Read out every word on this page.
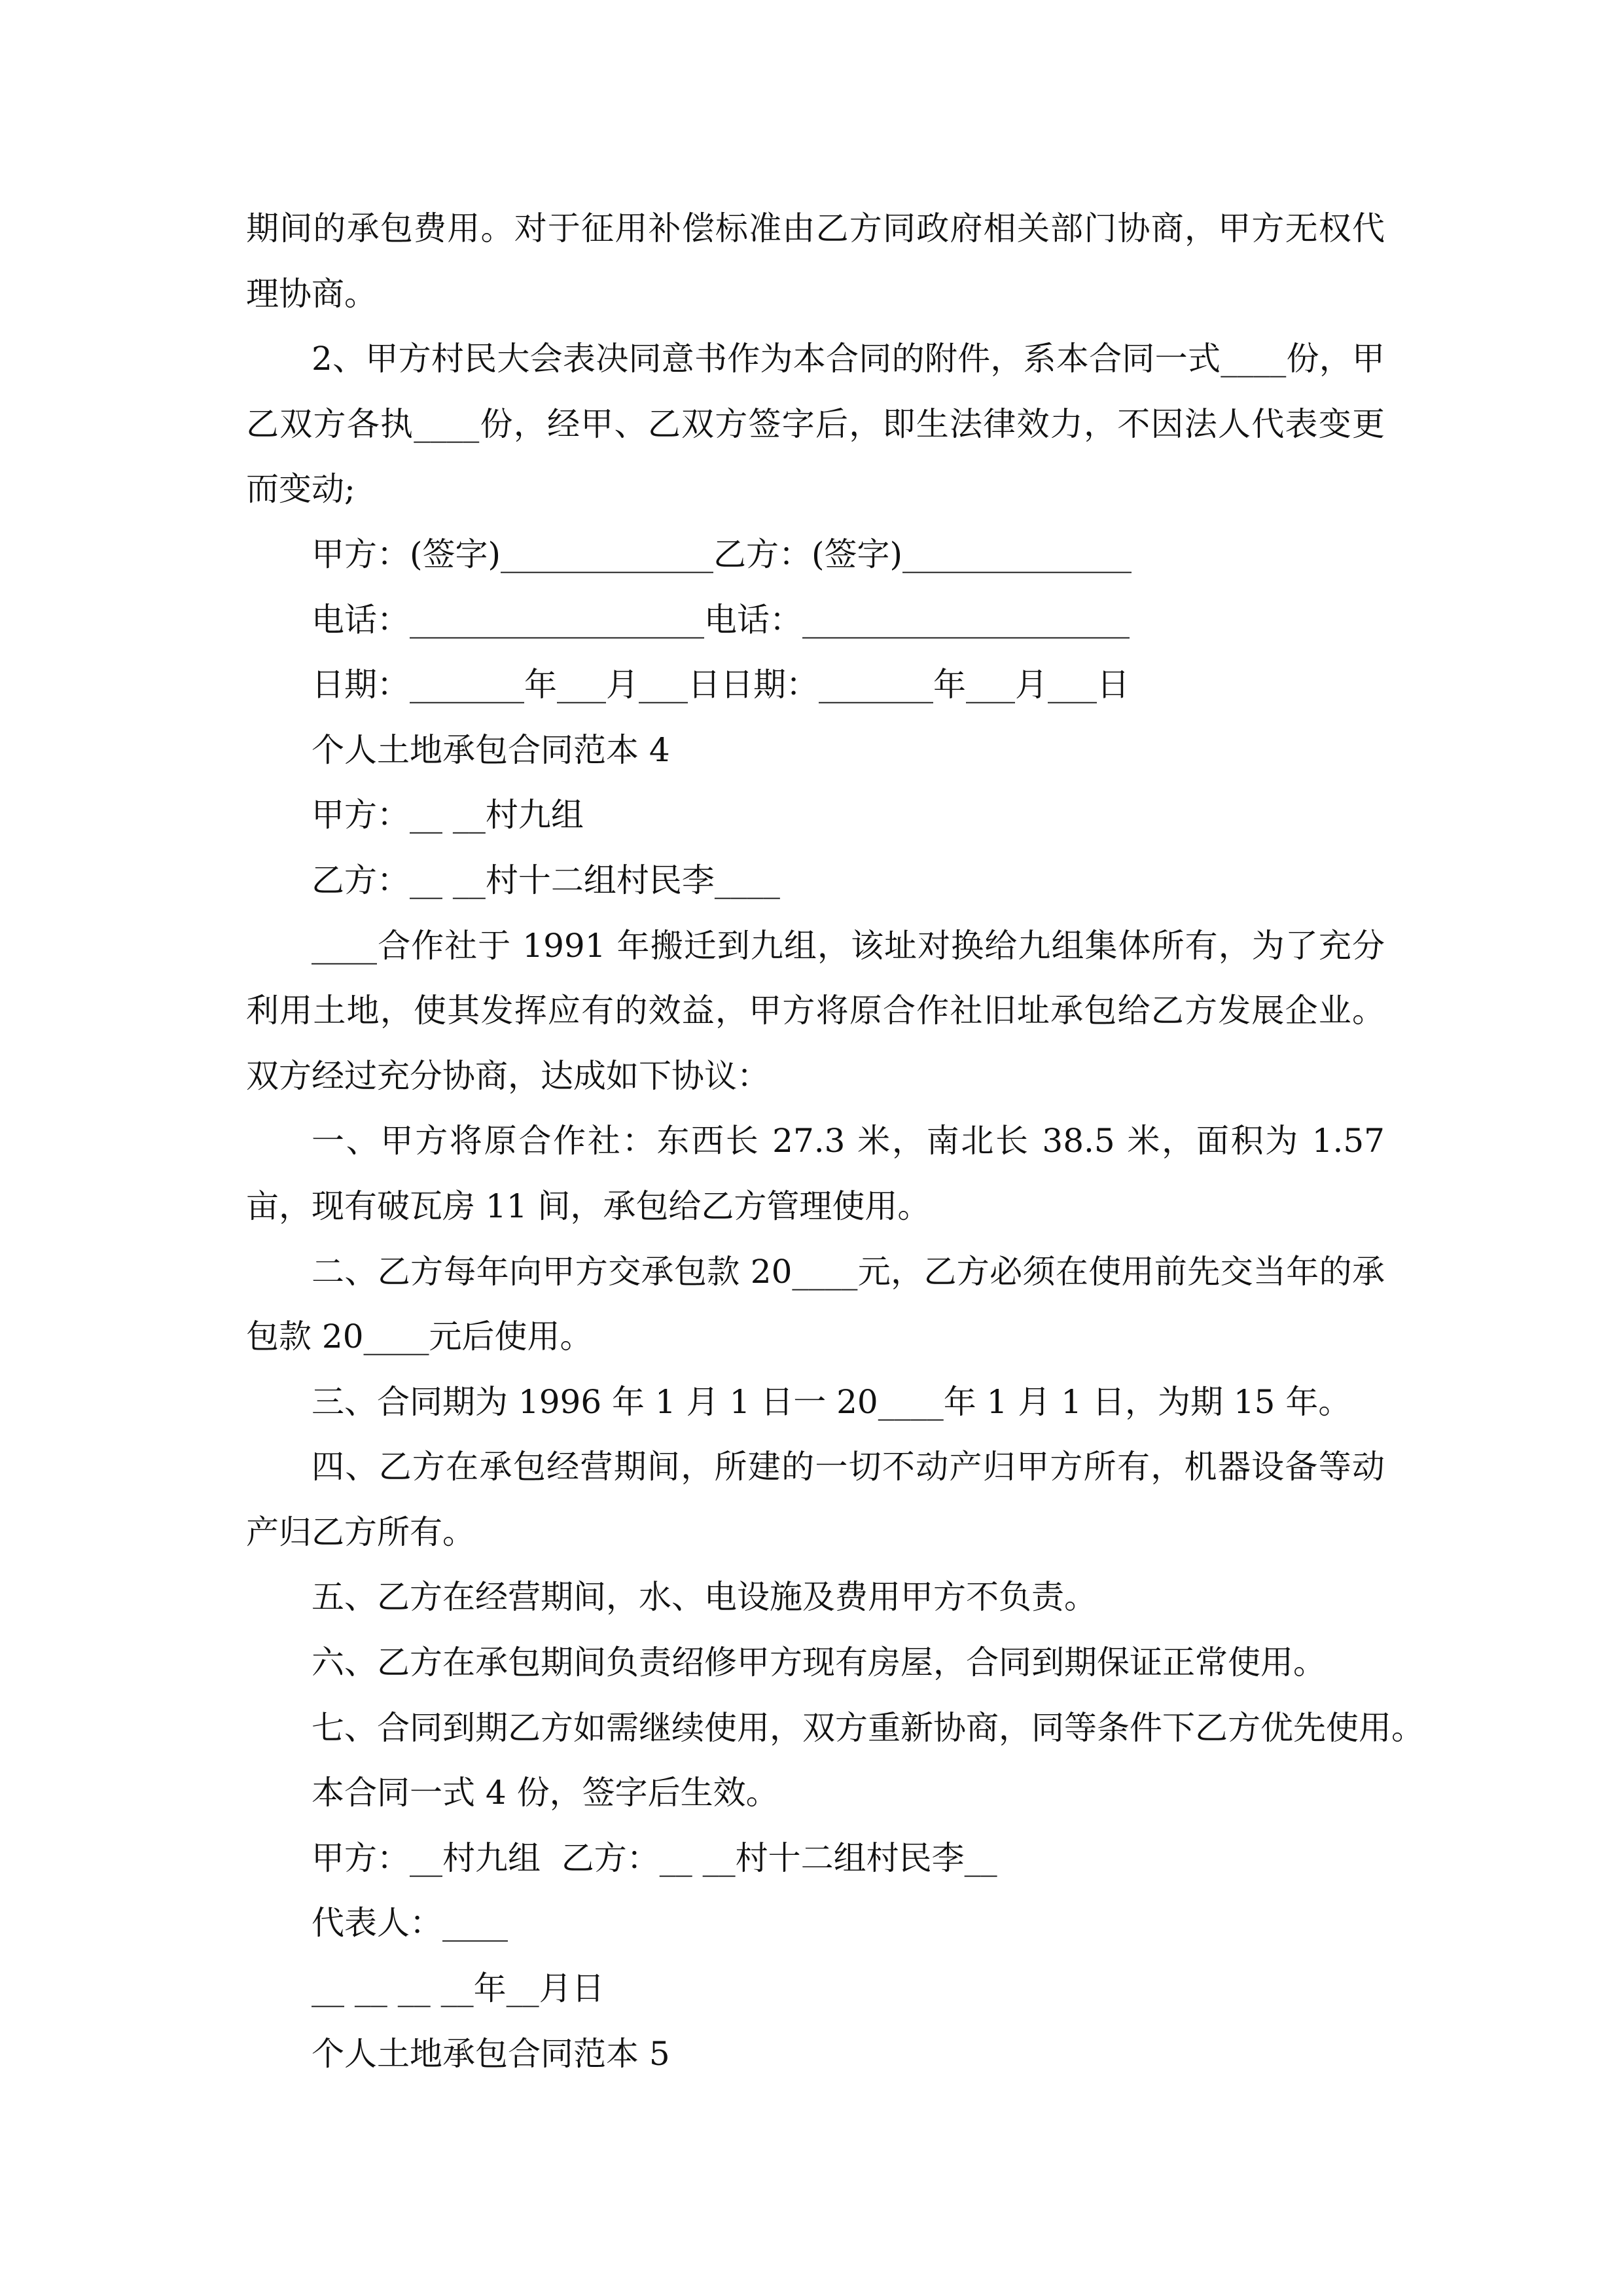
期间的承包费用。对于征用补偿标准由乙方同政府相关部门协商，甲方无权代理协商。

2、甲方村民大会表决同意书作为本合同的附件，系本合同一式____份，甲乙双方各执____份，经甲、乙双方签字后，即生法律效力，不因法人代表变更而变动;

甲方：(签字)_____________乙方：(签字)______________
电话：__________________电话：____________________
日期：_______年___月___日日期：_______年___月___日
个人土地承包合同范本 4
甲方：__ __村九组
乙方：__ __村十二组村民李____

____合作社于 1991 年搬迁到九组，该址对换给九组集体所有，为了充分利用土地，使其发挥应有的效益，甲方将原合作社旧址承包给乙方发展企业。双方经过充分协商，达成如下协议：

一、甲方将原合作社：东西长 27.3 米，南北长 38.5 米，面积为 1.57 亩，现有破瓦房 11 间，承包给乙方管理使用。

二、乙方每年向甲方交承包款 20____元，乙方必须在使用前先交当年的承包款 20____元后使用。

三、合同期为 1996 年 1 月 1 日一 20____年 1 月 1 日，为期 15 年。

四、乙方在承包经营期间，所建的一切不动产归甲方所有，机器设备等动产归乙方所有。

五、乙方在经营期间，水、电设施及费用甲方不负责。
六、乙方在承包期间负责绍修甲方现有房屋，合同到期保证正常使用。
七、合同到期乙方如需继续使用，双方重新协商，同等条件下乙方优先使用。
本合同一式 4 份，签字后生效。
甲方：__村九组  乙方：__ __村十二组村民李__
代表人：____
__ __ __ __年__月日
个人土地承包合同范本 5
